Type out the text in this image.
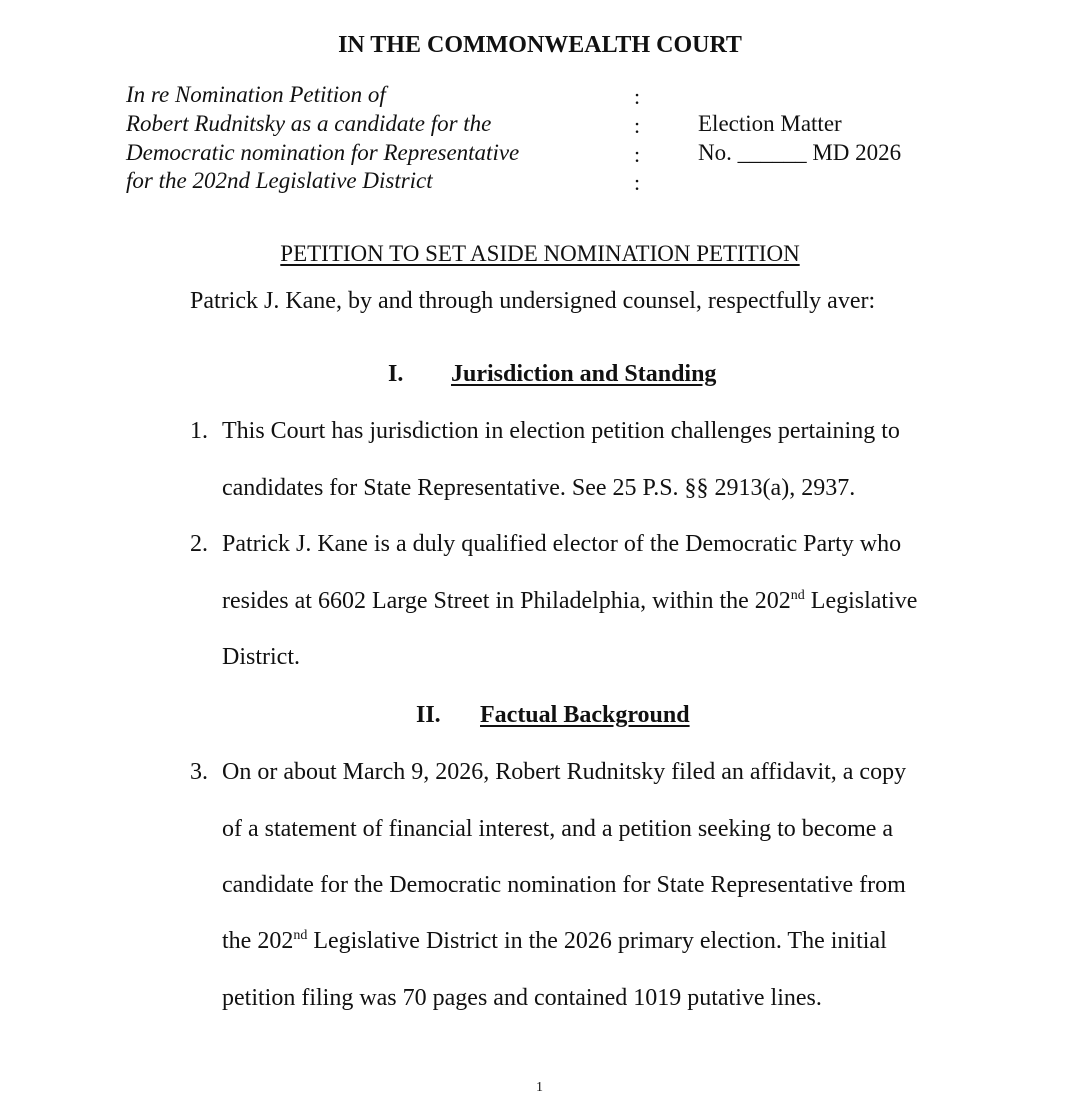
IN THE COMMONWEALTH COURT
In re Nomination Petition of
Robert Rudnitsky as a candidate for the
Democratic nomination for Representative
for the 202nd Legislative District
:
:
:
:
Election Matter
No. ______ MD 2026
PETITION TO SET ASIDE NOMINATION PETITION
Patrick J. Kane, by and through undersigned counsel, respectfully aver:
I. Jurisdiction and Standing
1. This Court has jurisdiction in election petition challenges pertaining to
candidates for State Representative. See 25 P.S. §§ 2913(a), 2937.
2. Patrick J. Kane is a duly qualified elector of the Democratic Party who
resides at 6602 Large Street in Philadelphia, within the 202nd Legislative
District.
II. Factual Background
3. On or about March 9, 2026, Robert Rudnitsky filed an affidavit, a copy
of a statement of financial interest, and a petition seeking to become a
candidate for the Democratic nomination for State Representative from
the 202nd Legislative District in the 2026 primary election. The initial
petition filing was 70 pages and contained 1019 putative lines.
1
